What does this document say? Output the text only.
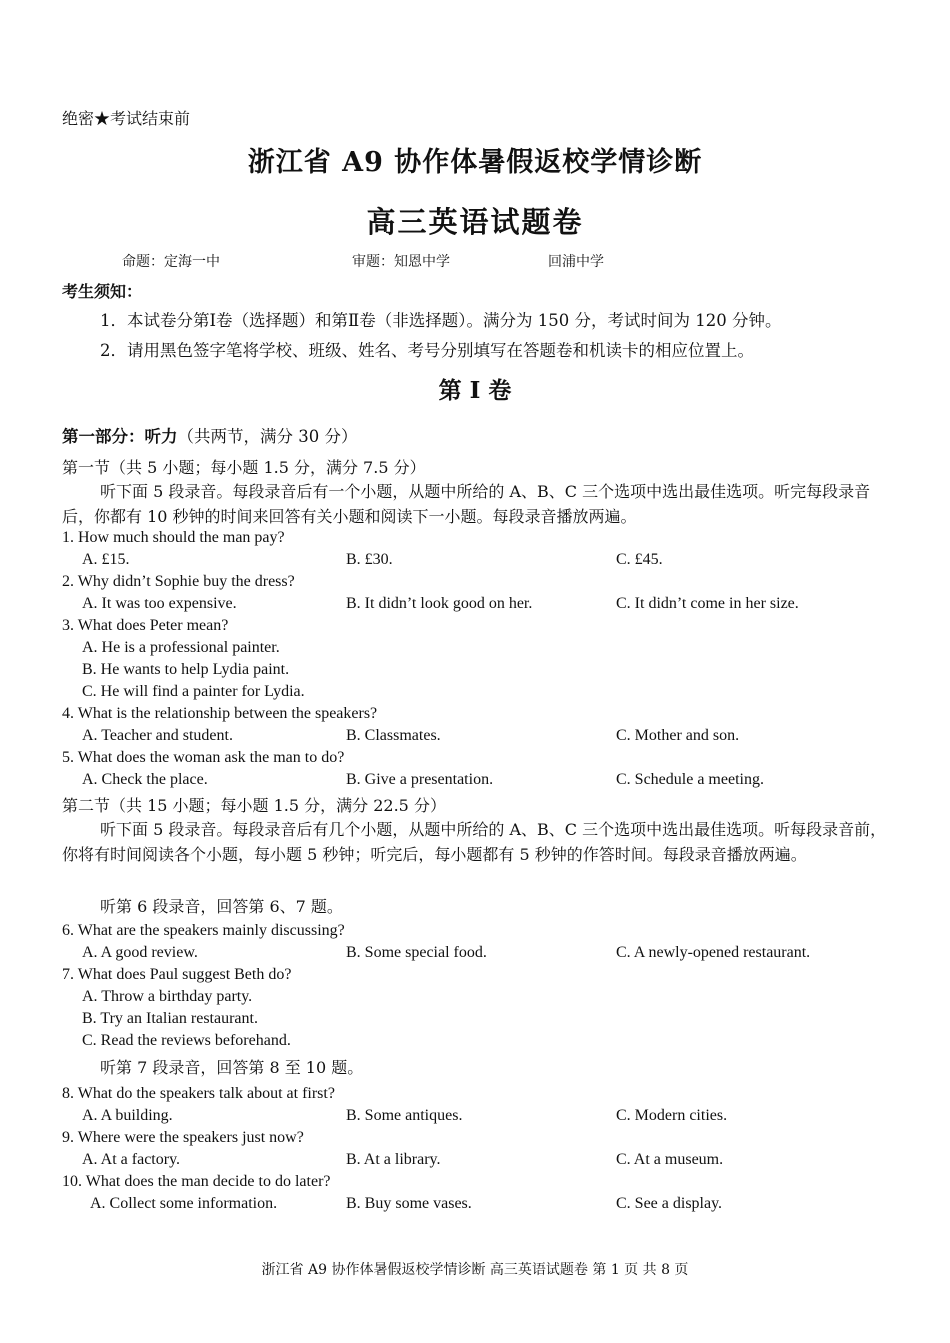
绝密★考试结束前
浙江省 A9 协作体暑假返校学情诊断
高三英语试题卷
命题：定海一中	审题：知恩中学	回浦中学
考生须知：
1．本试卷分第Ⅰ卷（选择题）和第Ⅱ卷（非选择题）。满分为 150 分，考试时间为 120 分钟。
2．请用黑色签字笔将学校、班级、姓名、考号分别填写在答题卷和机读卡的相应位置上。
第 I 卷
第一部分：听力（共两节，满分 30 分）
第一节（共 5 小题；每小题 1.5 分，满分 7.5 分）
听下面 5 段录音。每段录音后有一个小题，从题中所给的 A、B、C 三个选项中选出最佳选项。听完每段录音后，你都有 10 秒钟的时间来回答有关小题和阅读下一小题。每段录音播放两遍。
1. How much should the man pay?
A. £15.	B. £30.	C. £45.
2. Why didn’t Sophie buy the dress?
A. It was too expensive.	B. It didn’t look good on her.	C. It didn’t come in her size.
3. What does Peter mean?
A. He is a professional painter.
B. He wants to help Lydia paint.
C. He will find a painter for Lydia.
4. What is the relationship between the speakers?
A. Teacher and student.	B. Classmates.	C. Mother and son.
5. What does the woman ask the man to do?
A. Check the place.	B. Give a presentation.	C. Schedule a meeting.
第二节（共 15 小题；每小题 1.5 分，满分 22.5 分）
听下面 5 段录音。每段录音后有几个小题，从题中所给的 A、B、C 三个选项中选出最佳选项。听每段录音前，你将有时间阅读各个小题，每小题 5 秒钟；听完后，每小题都有 5 秒钟的作答时间。每段录音播放两遍。
听第 6 段录音，回答第 6、7 题。
6. What are the speakers mainly discussing?
A. A good review.	B. Some special food.	C. A newly-opened restaurant.
7. What does Paul suggest Beth do?
A. Throw a birthday party.
B. Try an Italian restaurant.
C. Read the reviews beforehand.
听第 7 段录音，回答第 8 至 10 题。
8. What do the speakers talk about at first?
A. A building.	B. Some antiques.	C. Modern cities.
9. Where were the speakers just now?
A. At a factory.	B. At a library.	C. At a museum.
10. What does the man decide to do later?
A. Collect some information.	B. Buy some vases.	C. See a display.
浙江省 A9 协作体暑假返校学情诊断 高三英语试题卷 第 1 页 共 8 页
